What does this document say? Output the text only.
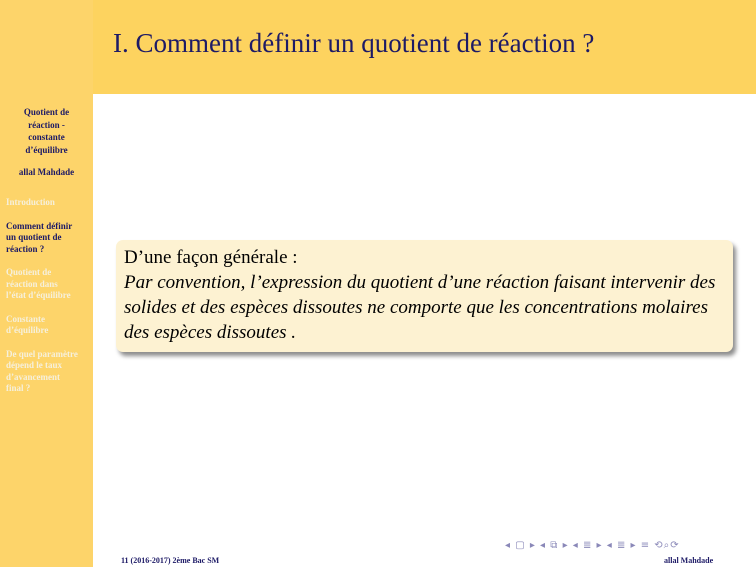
I. Comment définir un quotient de réaction ?
Quotient de
réaction -
constante
d’équilibre
allal Mahdade
Introduction
Comment définir
un quotient de
réaction ?
Quotient de
réaction dans
l’état d’équilibre
Constante
d’équilibre
De quel paramètre
dépend le taux
d’avancement
final ?
D’une façon générale :
Par convention, l’expression du quotient d’une réaction faisant intervenir des solides et des espèces dissoutes ne comporte que les concentrations molaires des espèces dissoutes .
◂ ▢ ▸ ◂ ⧉ ▸ ◂ ≣ ▸ ◂ ≣ ▸ ≡ ⟲⌕⟳
11 (2016-2017) 2ème Bac SM	allal Mahdade
